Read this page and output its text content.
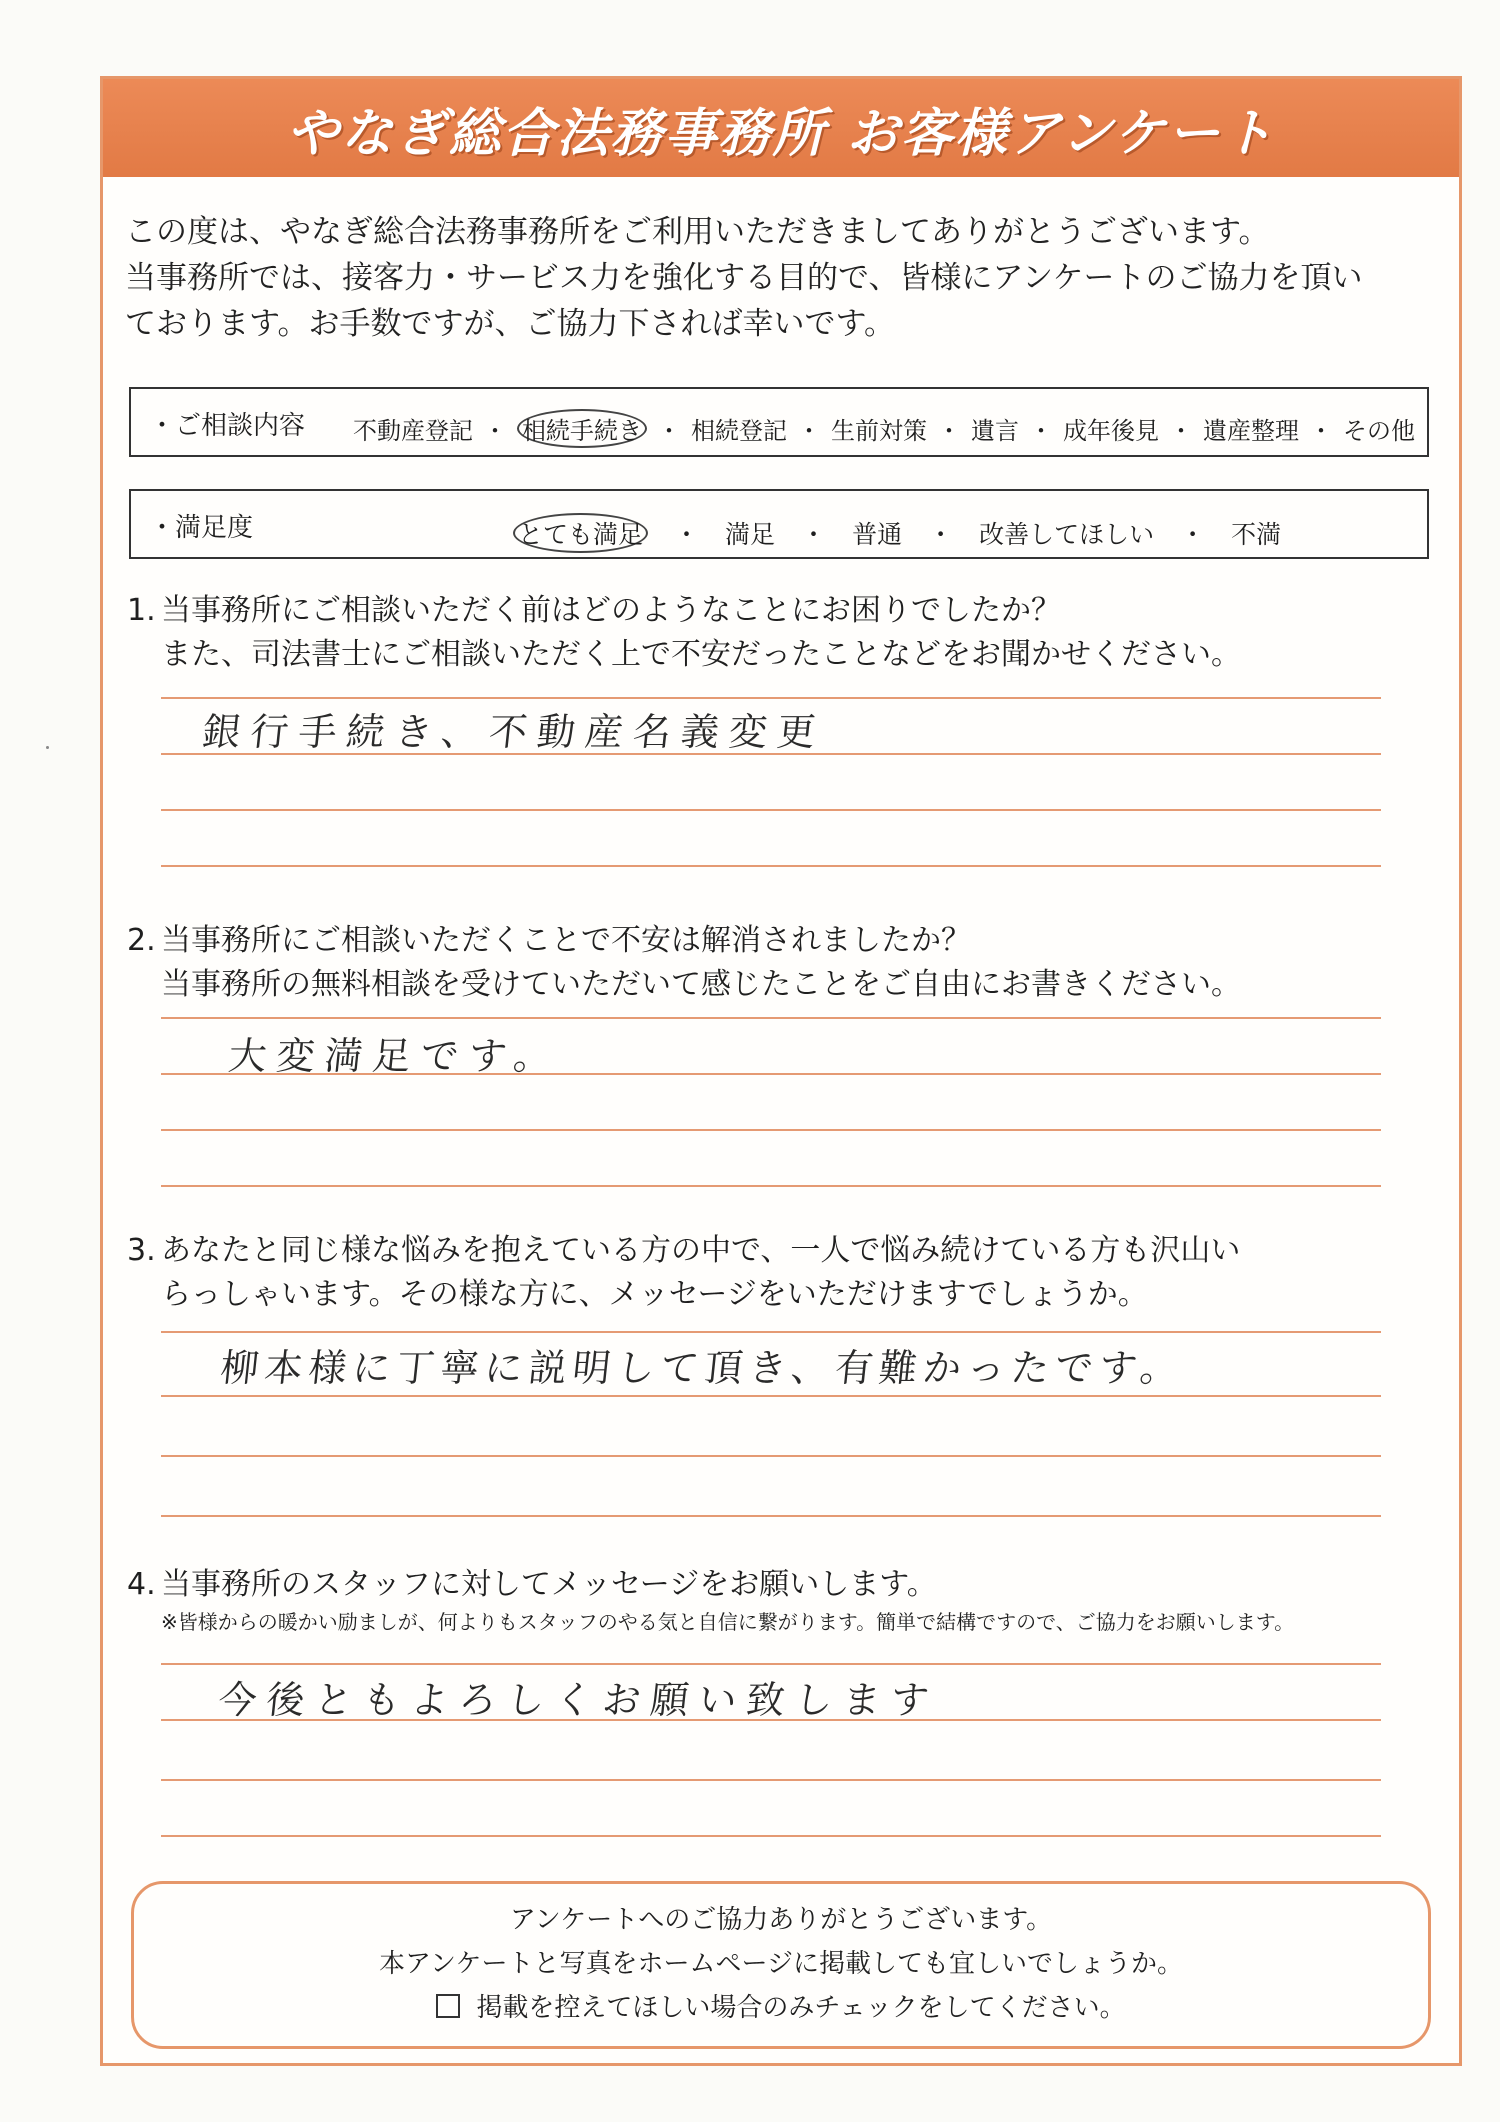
やなぎ総合法務事務所 お客様アンケート

この度は、やなぎ総合法務事務所をご利用いただきましてありがとうございます。

当事務所では、接客力・サービス力を強化する目的で、皆様にアンケートのご協力を頂い

ております。お手数ですが、ご協力下されば幸いです。

・ご相談内容 不動産登記 ・ 相続手続き ・ 相続登記 ・ 生前対策 ・ 遺言 ・ 成年後見 ・ 遺産整理 ・ その他
・満足度	とても満足 ・ 満足 ・ 普通 ・ 改善してほしい ・ 不満

1. 当事務所にご相談いただく前はどのようなことにお困りでしたか？

また、司法書士にご相談いただく上で不安だったことなどをお聞かせください。

銀行手続き、不動産名義変更

2. 当事務所にご相談いただくことで不安は解消されましたか？

当事務所の無料相談を受けていただいて感じたことをご自由にお書きください。

大変満足です。

3. あなたと同じ様な悩みを抱えている方の中で、一人で悩み続けている方も沢山い

らっしゃいます。その様な方に、メッセージをいただけますでしょうか。

柳本様に丁寧に説明して頂き、有難かったです。

4. 当事務所のスタッフに対してメッセージをお願いします。

※皆様からの暖かい励ましが、何よりもスタッフのやる気と自信に繋がります。簡単で結構ですので、ご協力をお願いします。

今後ともよろしくお願い致します

アンケートへのご協力ありがとうございます。

本アンケートと写真をホームページに掲載しても宜しいでしょうか。

掲載を控えてほしい場合のみチェックをしてください。
